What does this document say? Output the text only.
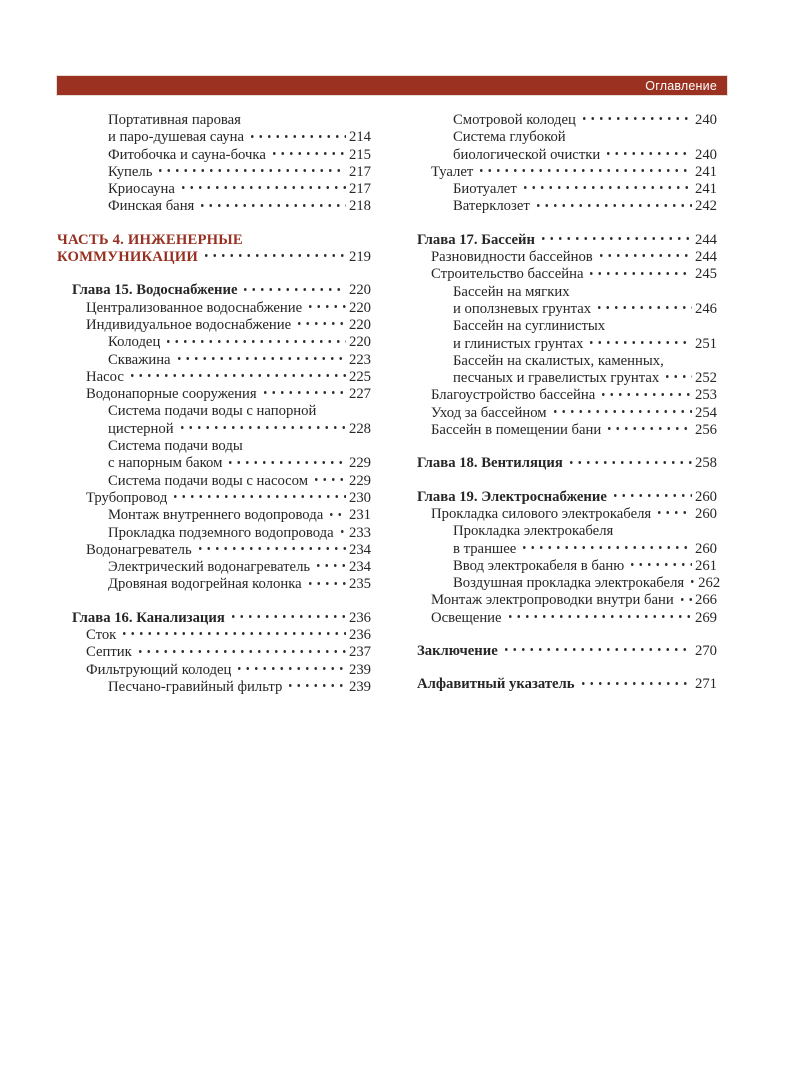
Оглавление
Портативная паровая
и паро-душевая сауна	214
Фитобочка и сауна-бочка	215
Купель	217
Криосауна	217
Финская баня	218
ЧАСТЬ 4. ИНЖЕНЕРНЫЕ
КОММУНИКАЦИИ	219
Глава 15. Водоснабжение	220
Централизованное водоснабжение	220
Индивидуальное водоснабжение	220
Колодец	220
Скважина	223
Насос	225
Водонапорные сооружения	227
Система подачи воды с напорной
цистерной	228
Система подачи воды
с напорным баком	229
Система подачи воды с насосом	229
Трубопровод	230
Монтаж внутреннего водопровода 231
Прокладка подземного водопровода 233
Водонагреватель	234
Электрический водонагреватель	234
Дровяная водогрейная колонка	235
Глава 16. Канализация	236
Сток	236
Септик	237
Фильтрующий колодец	239
Песчано-гравийный фильтр	239
Смотровой колодец	240
Система глубокой
биологической очистки	240
Туалет	241
Биотуалет	241
Ватерклозет	242
Глава 17. Бассейн	244
Разновидности бассейнов	244
Строительство бассейна	245
Бассейн на мягких
и оползневых грунтах	246
Бассейн на суглинистых
и глинистых грунтах	251
Бассейн на скалистых, каменных,
песчаных и гравелистых грунтах 252
Благоустройство бассейна	253
Уход за бассейном	254
Бассейн в помещении бани	256
Глава 18. Вентиляция	258
Глава 19. Электроснабжение	260
Прокладка силового электрокабеля	260
Прокладка электрокабеля
в траншее	260
Ввод электрокабеля в баню	261
Воздушная прокладка электрокабеля 262
Монтаж электропроводки внутри бани 266
Освещение	269
Заключение	270
Алфавитный указатель	271
